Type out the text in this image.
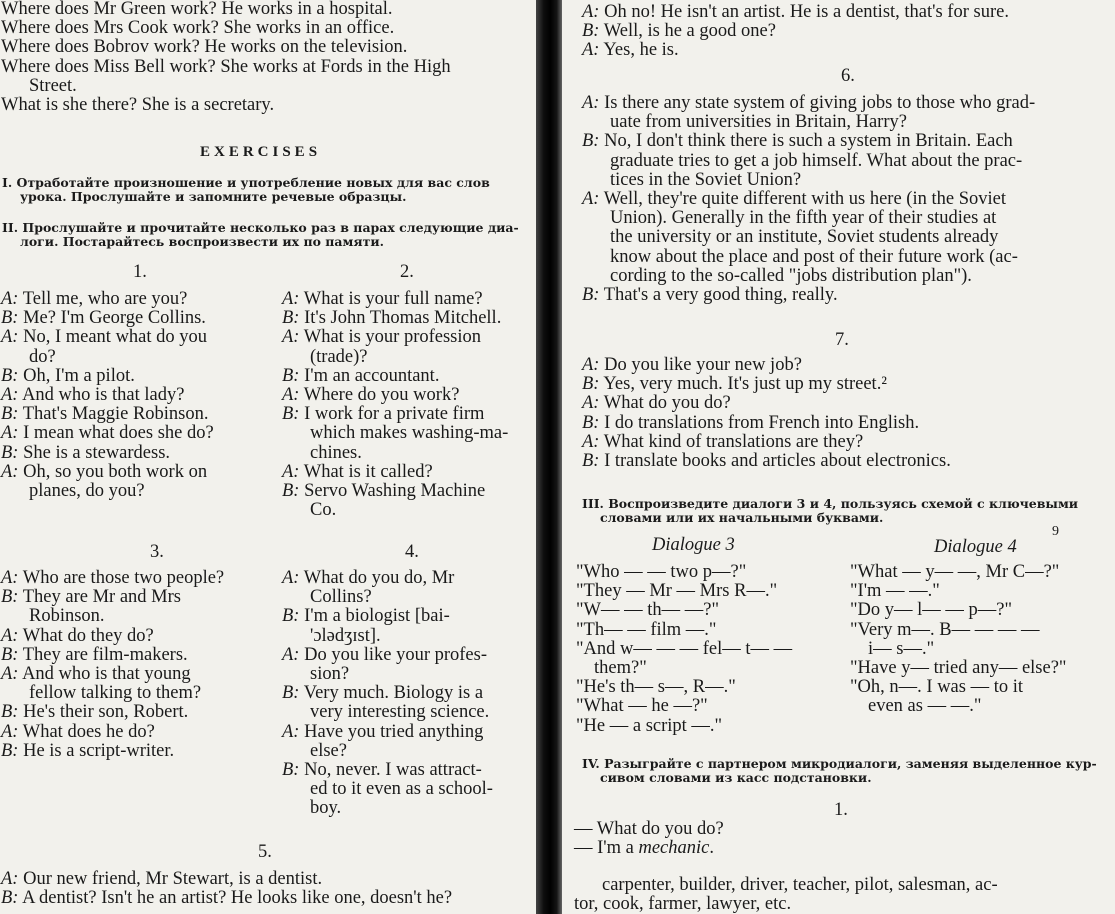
Where does Mr Green work? He works in a hospital.
Where does Mrs Cook work? She works in an office.
Where does Bobrov work? He works on the television.
Where does Miss Bell work? She works at Fords in the High
Street.
What is she there? She is a secretary.
EXERCISES
I. Отработайте произношение и употребление новых для вас слов
урока. Прослушайте и запомните речевые образцы.
II. Прослушайте и прочитайте несколько раз в парах следующие диа-
логи. Постарайтесь воспроизвести их по памяти.
1.	2.
A: Tell me, who are you?
B: Me? I'm George Collins.
A: No, I meant what do you
do?
B: Oh, I'm a pilot.
A: And who is that lady?
B: That's Maggie Robinson.
A: I mean what does she do?
B: She is a stewardess.
A: Oh, so you both work on
planes, do you?
A: What is your full name?
B: It's John Thomas Mitchell.
A: What is your profession
(trade)?
B: I'm an accountant.
A: Where do you work?
B: I work for a private firm
which makes washing-ma-
chines.
A: What is it called?
B: Servo Washing Machine
Co.
3.	4.
A: Who are those two people?
B: They are Mr and Mrs
Robinson.
A: What do they do?
B: They are film-makers.
A: And who is that young
fellow talking to them?
B: He's their son, Robert.
A: What does he do?
B: He is a script-writer.
A: What do you do, Mr
Collins?
B: I'm a biologist [bai-
'ɔlədʒɪst].
A: Do you like your profes-
sion?
B: Very much. Biology is a
very interesting science.
A: Have you tried anything
else?
B: No, never. I was attract-
ed to it even as a school-
boy.
5.
A: Our new friend, Mr Stewart, is a dentist.
B: A dentist? Isn't he an artist? He looks like one, doesn't he?
A: Oh no! He isn't an artist. He is a dentist, that's for sure.
B: Well, is he a good one?
A: Yes, he is.
6.
A: Is there any state system of giving jobs to those who grad-
uate from universities in Britain, Harry?
B: No, I don't think there is such a system in Britain. Each
graduate tries to get a job himself. What about the prac-
tices in the Soviet Union?
A: Well, they're quite different with us here (in the Soviet
Union). Generally in the fifth year of their studies at
the university or an institute, Soviet students already
know about the place and post of their future work (ac-
cording to the so-called "jobs distribution plan").
B: That's a very good thing, really.
7.
A: Do you like your new job?
B: Yes, very much. It's just up my street.²
A: What do you do?
B: I do translations from French into English.
A: What kind of translations are they?
B: I translate books and articles about electronics.
III. Воспроизведите диалоги 3 и 4, пользуясь схемой с ключевыми
словами или их начальными буквами.
Dialogue 3	Dialogue 4
9
"Who — — two p—?"
"They — Mr — Mrs R—."
"W— — th— —?"
"Th— — film —."
"And w— — — fel— t— —
them?"
"He's th— s—, R—."
"What — he —?"
"He — a script —."
"What — y— —, Mr C—?"
"I'm — —."
"Do y— l— — p—?"
"Very m—. B— — — —
i— s—."
"Have y— tried any— else?"
"Oh, n—. I was — to it
even as — —."
IV. Разыграйте с партнером микродиалоги, заменяя выделенное кур-
сивом словами из касс подстановки.
1.
— What do you do?
— I'm a mechanic.
carpenter, builder, driver, teacher, pilot, salesman, ac-
tor, cook, farmer, lawyer, etc.
